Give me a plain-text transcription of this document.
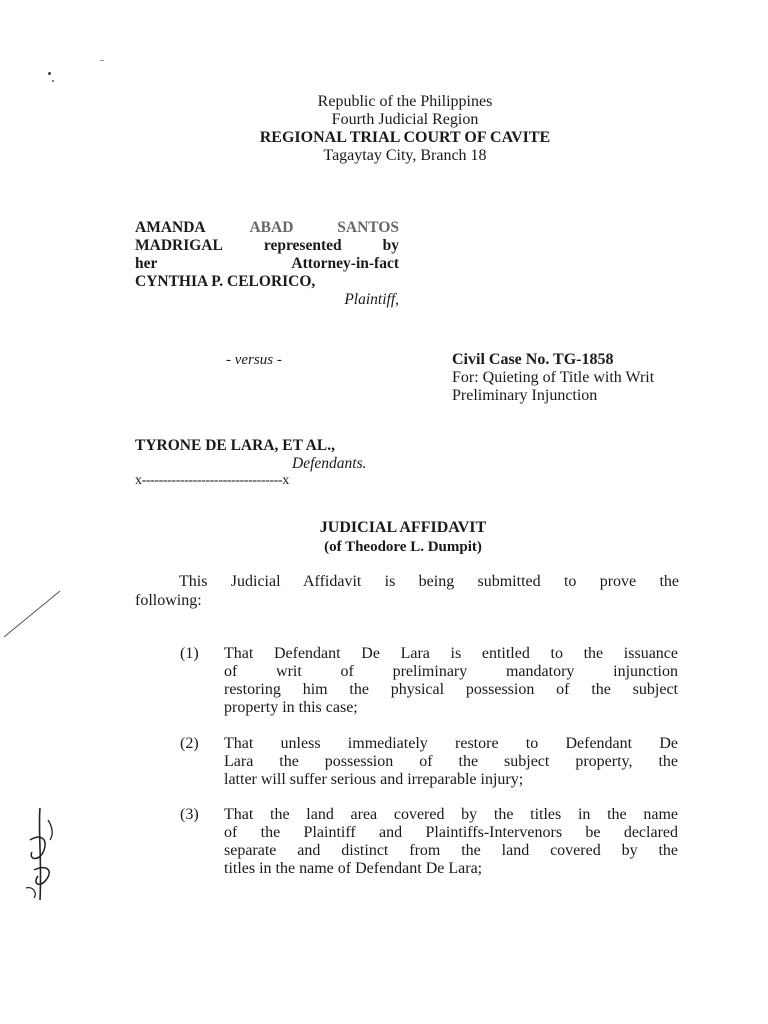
Republic of the Philippines
Fourth Judicial Region
REGIONAL TRIAL COURT OF CAVITE
Tagaytay City, Branch 18
AMANDA	ABAD	SANTOS
MADRIGAL	represented	by
her	Attorney-in-fact
CYNTHIA P. CELORICO,
Plaintiff,
- versus -	Civil Case No. TG-1858
For: Quieting of Title with Writ
Preliminary Injunction
TYRONE DE LARA, ET AL.,
Defendants.
x---------------------------------x
JUDICIAL AFFIDAVIT
(of Theodore L. Dumpit)
This Judicial Affidavit is being submitted to prove the
following:
(1) That Defendant De Lara is entitled to the issuance
of writ of preliminary mandatory injunction
restoring him the physical possession of the subject
property in this case;
(2) That unless immediately restore to Defendant De
Lara the possession of the subject property, the
latter will suffer serious and irreparable injury;
(3) That the land area covered by the titles in the name
of the Plaintiff and Plaintiffs-Intervenors be declared
separate and distinct from the land covered by the
titles in the name of Defendant De Lara;
